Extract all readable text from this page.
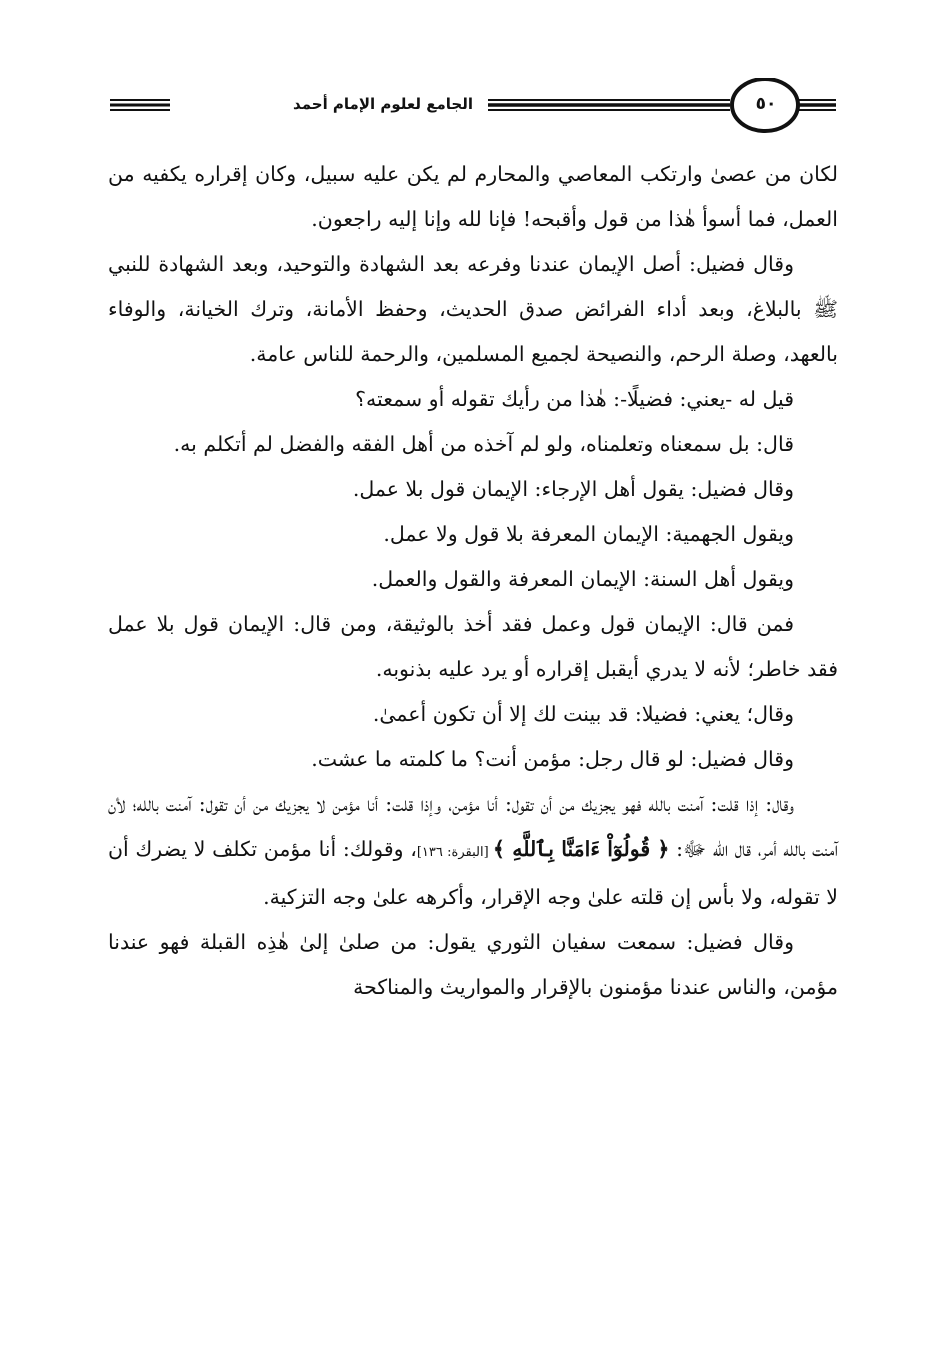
الجامع لعلوم الإمام أحمد	٥٠

لكان من عصىٰ وارتكب المعاصي والمحارم لم يكن عليه سبيل، وكان إقراره يكفيه من العمل، فما أسوأ هٰذا من قول وأقبحه! فإنا لله وإنا إليه راجعون.

وقال فضيل: أصل الإيمان عندنا وفرعه بعد الشهادة والتوحيد، وبعد الشهادة للنبي ﷺ بالبلاغ، وبعد أداء الفرائض صدق الحديث، وحفظ الأمانة، وترك الخيانة، والوفاء بالعهد، وصلة الرحم، والنصيحة لجميع المسلمين، والرحمة للناس عامة.

قيل له -يعني: فضيلًا-: هٰذا من رأيك تقوله أو سمعته؟

قال: بل سمعناه وتعلمناه، ولو لم آخذه من أهل الفقه والفضل لم أتكلم به.

وقال فضيل: يقول أهل الإرجاء: الإيمان قول بلا عمل.

ويقول الجهمية: الإيمان المعرفة بلا قول ولا عمل.

ويقول أهل السنة: الإيمان المعرفة والقول والعمل.

فمن قال: الإيمان قول وعمل فقد أخذ بالوثيقة، ومن قال: الإيمان قول بلا عمل فقد خاطر؛ لأنه لا يدري أيقبل إقراره أو يرد عليه بذنوبه.

وقال؛ يعني: فضيلا: قد بينت لك إلا أن تكون أعمىٰ.

وقال فضيل: لو قال رجل: مؤمن أنت؟ ما كلمته ما عشت.

وقال: إذا قلت: آمنت بالله فهو يجزيك من أن تقول: أنا مؤمن، وإذا قلت: أنا مؤمن لا يجزيك من أن تقول: آمنت بالله؛ لأن آمنت بالله أمر، قال الله ﷻ: ﴿ قُولُوٓاْ ءَامَنَّا بِٱللَّهِ ﴾ [البقرة: ١٣٦]، وقولك: أنا مؤمن تكلف لا يضرك أن لا تقوله، ولا بأس إن قلته علىٰ وجه الإقرار، وأكرهه علىٰ وجه التزكية.

وقال فضيل: سمعت سفيان الثوري يقول: من صلىٰ إلىٰ هٰذِه القبلة فهو عندنا مؤمن، والناس عندنا مؤمنون بالإقرار والمواريث والمناكحة
